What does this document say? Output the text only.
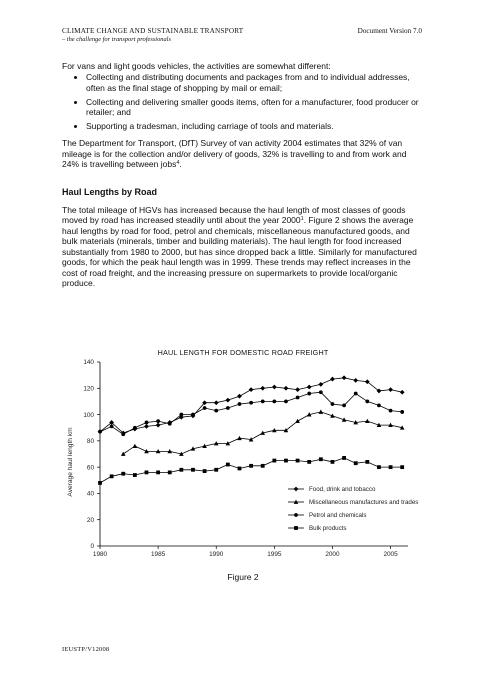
CLIMATE CHANGE AND SUSTAINABLE TRANSPORT
– the challenge for transport professionals
Document Version 7.0

For vans and light goods vehicles, the activities are somewhat different:

• Collecting and distributing documents and packages from and to individual addresses, often as the final stage of shopping by mail or email;
• Collecting and delivering smaller goods items, often for a manufacturer, food producer or retailer; and
• Supporting a tradesman, including carriage of tools and materials.

The Department for Transport, (DfT) Survey of van activity 2004 estimates that 32% of van mileage is for the collection and/or delivery of goods, 32% is travelling to and from work and 24% is travelling between jobs$^4$.

Haul Lengths by Road

The total mileage of HGVs has increased because the haul length of most classes of goods moved by road has increased steadily until about the year 2000$^1$. Figure 2 shows the average haul lengths by road for food, petrol and chemicals, miscellaneous manufactured goods, and bulk materials (minerals, timber and building materials). The haul length for food increased substantially from 1980 to 2000, but has since dropped back a little. Similarly for manufactured goods, for which the peak haul length was in 1999. These trends may reflect increases in the cost of road freight, and the increasing pressure on supermarkets to provide local/organic produce.

HAUL LENGTH FOR DOMESTIC ROAD FREIGHT
Average haul length km
0
20
40
60
80
100
120
140
1980	1985	1990	1995	2000	2005
Food, drink and tobacco
Miscellaneous manufactures and trades
Petrol and chemicals
Bulk products
Figure 2
IEUSTP/V12008
